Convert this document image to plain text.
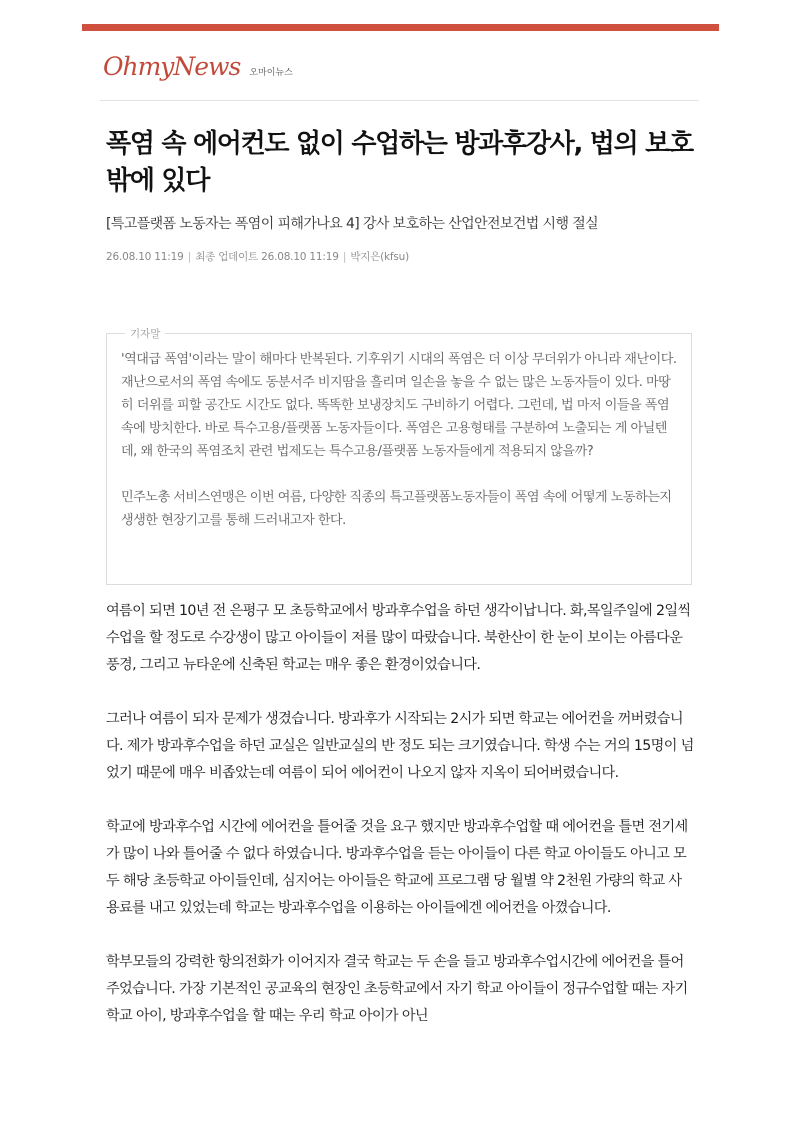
OhmyNews 오마이뉴스
폭염 속 에어컨도 없이 수업하는 방과후강사, 법의 보호 밖에 있다

[특고플랫폼 노동자는 폭염이 피해가나요 4] 강사 보호하는 산업안전보건법 시행 절실

26.08.10 11:19 | 최종 업데이트 26.08.10 11:19 | 박지은(kfsu)
기자말

'역대급 폭염'이라는 말이 해마다 반복된다. 기후위기 시대의 폭염은 더 이상 무더위가 아니라 재난이다. 재난으로서의 폭염 속에도 동분서주 비지땀을 흘리며 일손을 놓을 수 없는 많은 노동자들이 있다. 마땅히 더위를 피할 공간도 시간도 없다. 똑똑한 보냉장치도 구비하기 어렵다. 그런데, 법 마저 이들을 폭염 속에 방치한다. 바로 특수고용/플랫폼 노동자들이다. 폭염은 고용형태를 구분하여 노출되는 게 아닐텐데, 왜 한국의 폭염조치 관련 법제도는 특수고용/플랫폼 노동자들에게 적용되지 않을까?

민주노총 서비스연맹은 이번 여름, 다양한 직종의 특고플랫폼노동자들이 폭염 속에 어떻게 노동하는지 생생한 현장기고를 통해 드러내고자 한다.

여름이 되면 10년 전 은평구 모 초등학교에서 방과후수업을 하던 생각이납니다. 화,목일주일에 2일씩 수업을 할 정도로 수강생이 많고 아이들이 저를 많이 따랐습니다. 북한산이 한 눈이 보이는 아름다운 풍경, 그리고 뉴타운에 신축된 학교는 매우 좋은 환경이었습니다.

그러나 여름이 되자 문제가 생겼습니다. 방과후가 시작되는 2시가 되면 학교는 에어컨을 꺼버렸습니다. 제가 방과후수업을 하던 교실은 일반교실의 반 정도 되는 크기였습니다. 학생 수는 거의 15명이 넘었기 때문에 매우 비좁았는데 여름이 되어 에어컨이 나오지 않자 지옥이 되어버렸습니다.

학교에 방과후수업 시간에 에어컨을 틀어줄 것을 요구 했지만 방과후수업할 때 에어컨을 틀면 전기세가 많이 나와 틀어줄 수 없다 하였습니다. 방과후수업을 듣는 아이들이 다른 학교 아이들도 아니고 모두 해당 초등학교 아이들인데, 심지어는 아이들은 학교에 프로그램 당 월별 약 2천원 가량의 학교 사용료를 내고 있었는데 학교는 방과후수업을 이용하는 아이들에겐 에어컨을 아꼈습니다.

학부모들의 강력한 항의전화가 이어지자 결국 학교는 두 손을 들고 방과후수업시간에 에어컨을 틀어주었습니다. 가장 기본적인 공교육의 현장인 초등학교에서 자기 학교 아이들이 정규수업할 때는 자기 학교 아이, 방과후수업을 할 때는 우리 학교 아이가 아닌
